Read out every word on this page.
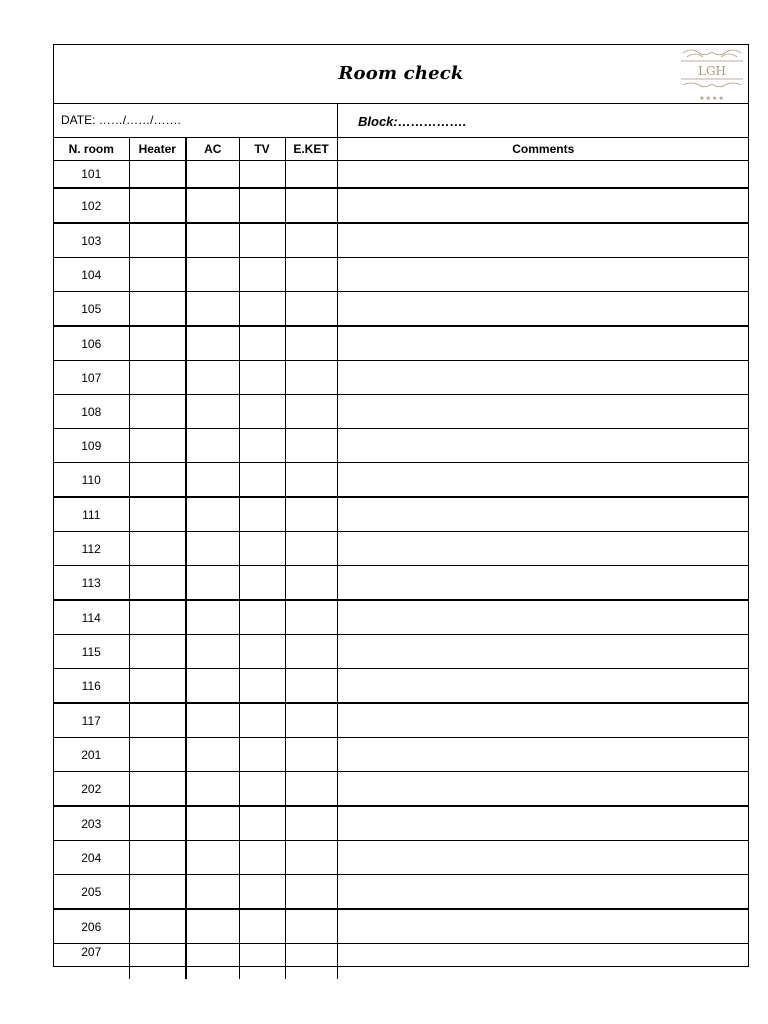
Room check	LGH
★★★★
DATE: ……/……/…….	Block:…………….
N. room	Heater	AC	TV	E.KET	Comments
101					
102					
103					
104					
105					
106					
107					
108					
109					
110					
111					
112					
113					
114					
115					
116					
117					
201					
202					
203					
204					
205					
206					
207					
